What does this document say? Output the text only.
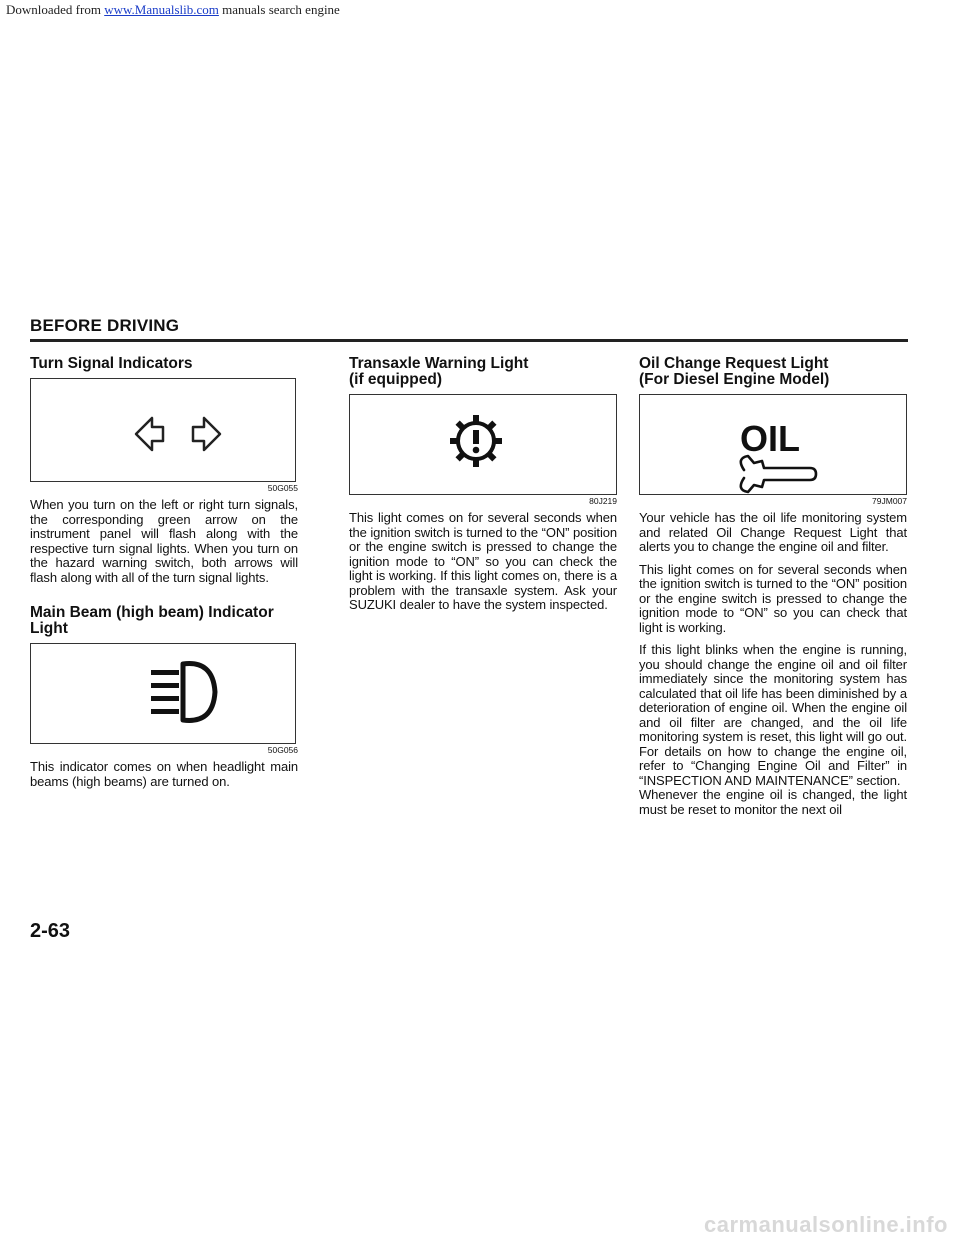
Downloaded from www.Manualslib.com manuals search engine
BEFORE DRIVING
Turn Signal Indicators
50G055

When you turn on the left or right turn signals, the corresponding green arrow on the instrument panel will flash along with the respective turn signal lights. When you turn on the hazard warning switch, both arrows will flash along with all of the turn signal lights.

Main Beam (high beam) Indicator
Light
50G056

This indicator comes on when headlight main beams (high beams) are turned on.

Transaxle Warning Light
(if equipped)
80J219

This light comes on for several seconds when the ignition switch is turned to the “ON” position or the engine switch is pressed to change the ignition mode to “ON” so you can check the light is working. If this light comes on, there is a problem with the transaxle system. Ask your SUZUKI dealer to have the system inspected.

Oil Change Request Light
(For Diesel Engine Model)
OIL
79JM007

Your vehicle has the oil life monitoring system and related Oil Change Request Light that alerts you to change the engine oil and filter.

This light comes on for several seconds when the ignition switch is turned to the “ON” position or the engine switch is pressed to change the ignition mode to “ON” so you can check that light is working.

If this light blinks when the engine is running, you should change the engine oil and oil filter immediately since the monitoring system has calculated that oil life has been diminished by a deterioration of engine oil. When the engine oil and oil filter are changed, and the oil life monitoring system is reset, this light will go out. For details on how to change the engine oil, refer to “Changing Engine Oil and Filter” in “INSPECTION AND MAINTENANCE” section.

Whenever the engine oil is changed, the light must be reset to monitor the next oil

2-63
carmanualsonline.info
